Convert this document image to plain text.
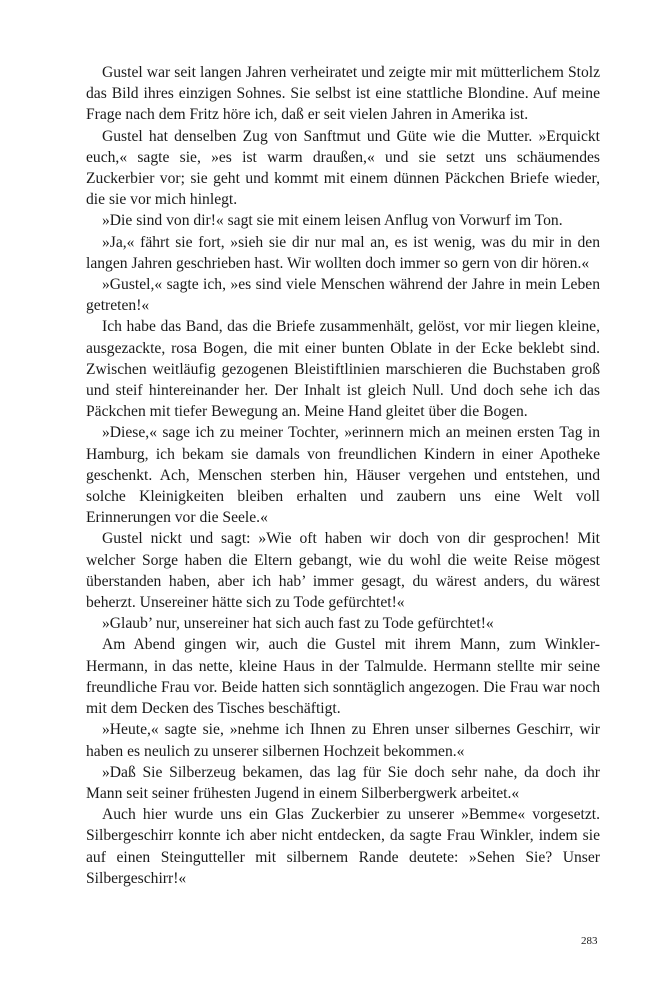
Gustel war seit langen Jahren verheiratet und zeigte mir mit mütterlichem Stolz das Bild ihres einzigen Sohnes. Sie selbst ist eine stattliche Blondine. Auf meine Frage nach dem Fritz höre ich, daß er seit vielen Jahren in Amerika ist.

Gustel hat denselben Zug von Sanftmut und Güte wie die Mutter. »Erquickt euch,« sagte sie, »es ist warm draußen,« und sie setzt uns schäumendes Zuckerbier vor; sie geht und kommt mit einem dünnen Päckchen Briefe wieder, die sie vor mich hinlegt.

»Die sind von dir!« sagt sie mit einem leisen Anflug von Vorwurf im Ton.

»Ja,« fährt sie fort, »sieh sie dir nur mal an, es ist wenig, was du mir in den langen Jahren geschrieben hast. Wir wollten doch immer so gern von dir hören.«

»Gustel,« sagte ich, »es sind viele Menschen während der Jahre in mein Leben getreten!«

Ich habe das Band, das die Briefe zusammenhält, gelöst, vor mir liegen kleine, ausgezackte, rosa Bogen, die mit einer bunten Oblate in der Ecke beklebt sind. Zwischen weitläufig gezogenen Bleistiftlinien marschieren die Buchstaben groß und steif hintereinander her. Der Inhalt ist gleich Null. Und doch sehe ich das Päckchen mit tiefer Bewegung an. Meine Hand gleitet über die Bogen.

»Diese,« sage ich zu meiner Tochter, »erinnern mich an meinen ersten Tag in Hamburg, ich bekam sie damals von freundlichen Kindern in einer Apotheke geschenkt. Ach, Menschen sterben hin, Häuser vergehen und entstehen, und solche Kleinigkeiten bleiben erhalten und zaubern uns eine Welt voll Erinnerungen vor die Seele.«

Gustel nickt und sagt: »Wie oft haben wir doch von dir gesprochen! Mit welcher Sorge haben die Eltern gebangt, wie du wohl die weite Reise mögest überstanden haben, aber ich hab’ immer gesagt, du wärest anders, du wärest beherzt. Unsereiner hätte sich zu Tode gefürchtet!«

»Glaub’ nur, unsereiner hat sich auch fast zu Tode gefürchtet!«

Am Abend gingen wir, auch die Gustel mit ihrem Mann, zum Winkler-Hermann, in das nette, kleine Haus in der Talmulde. Hermann stellte mir seine freundliche Frau vor. Beide hatten sich sonntäglich angezogen. Die Frau war noch mit dem Decken des Tisches beschäftigt.

»Heute,« sagte sie, »nehme ich Ihnen zu Ehren unser silbernes Geschirr, wir haben es neulich zu unserer silbernen Hochzeit bekommen.«

»Daß Sie Silberzeug bekamen, das lag für Sie doch sehr nahe, da doch ihr Mann seit seiner frühesten Jugend in einem Silberbergwerk arbeitet.«

Auch hier wurde uns ein Glas Zuckerbier zu unserer »Bemme« vorgesetzt. Silbergeschirr konnte ich aber nicht entdecken, da sagte Frau Winkler, indem sie auf einen Steingutteller mit silbernem Rande deutete: »Sehen Sie? Unser Silbergeschirr!«

283
